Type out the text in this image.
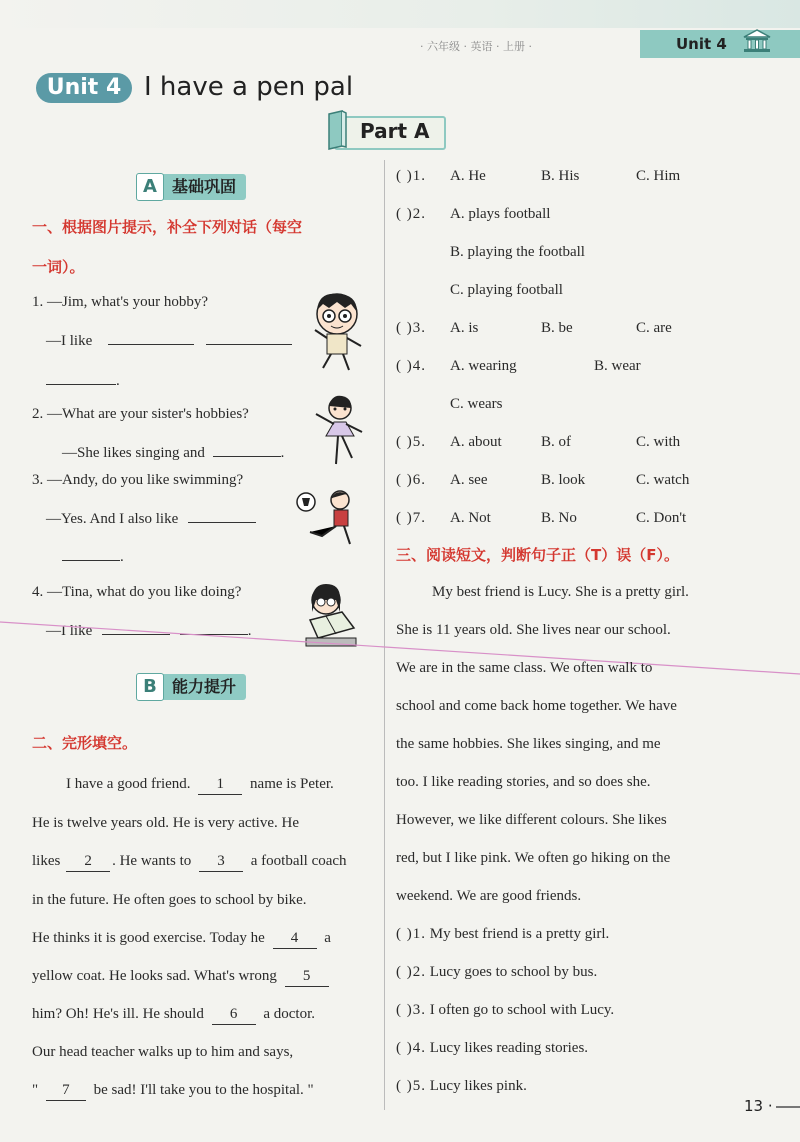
· 六年级 · 英语 · 上册 ·	Unit 4
Unit 4 I have a pen pal
Part A
基础巩固
A
一、根据图片提示，补全下列对话（每空
一词）。
1. —Jim, what's your hobby?
—I like
.
2. —What are your sister's hobbies?
—She likes singing and	.
3. —Andy, do you like swimming?
—Yes. And I also like
.
4. —Tina, what do you like doing?
—I like	.
能力提升
B
二、完形填空。
I have a good friend. 1 name is Peter.
He is twelve years old. He is very active. He
likes 2 . He wants to 3 a football coach
in the future. He often goes to school by bike.
He thinks it is good exercise. Today he 4 a
yellow coat. He looks sad. What's wrong 5
him? Oh! He's ill. He should 6 a doctor.
Our head teacher walks up to him and says,
" 7 be sad! I'll take you to the hospital. "
( )1. A. He	B. His	C. Him
( )2. A. plays football
B. playing the football
C. playing football
( )3. A. is	B. be	C. are
( )4. A. wearing	B. wear
C. wears
( )5. A. about	B. of	C. with
( )6. A. see	B. look	C. watch
( )7. A. Not	B. No	C. Don't
三、阅读短文，判断句子正（T）误（F）。
My best friend is Lucy. She is a pretty girl.
She is 11 years old. She lives near our school.
We are in the same class. We often walk to
school and come back home together. We have
the same hobbies. She likes singing, and me
too. I like reading stories, and so does she.
However, we like different colours. She likes
red, but I like pink. We often go hiking on the
weekend. We are good friends.
( )1. My best friend is a pretty girl.
( )2. Lucy goes to school by bus.
( )3. I often go to school with Lucy.
( )4. Lucy likes reading stories.
( )5. Lucy likes pink.
13 ·
